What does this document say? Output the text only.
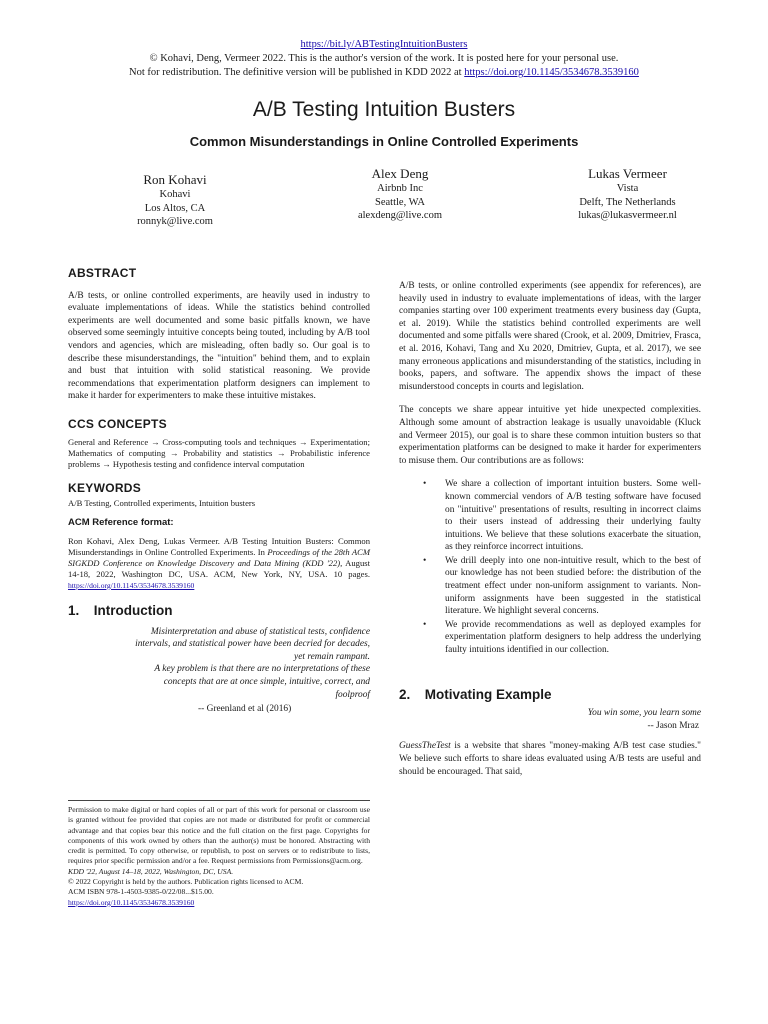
https://bit.ly/ABTestingIntuitionBusters
© Kohavi, Deng, Vermeer 2022. This is the author's version of the work. It is posted here for your personal use.
Not for redistribution. The definitive version will be published in KDD 2022 at https://doi.org/10.1145/3534678.3539160
A/B Testing Intuition Busters
Common Misunderstandings in Online Controlled Experiments
Ron Kohavi
Kohavi
Los Altos, CA
ronnyk@live.com
Alex Deng
Airbnb Inc
Seattle, WA
alexdeng@live.com
Lukas Vermeer
Vista
Delft, The Netherlands
lukas@lukasvermeer.nl
ABSTRACT

A/B tests, or online controlled experiments, are heavily used in industry to evaluate implementations of ideas. While the statistics behind controlled experiments are well documented and some basic pitfalls known, we have observed some seemingly intuitive concepts being touted, including by A/B tool vendors and agencies, which are misleading, often badly so. Our goal is to describe these misunderstandings, the "intuition" behind them, and to explain and bust that intuition with solid statistical reasoning. We provide recommendations that experimentation platform designers can implement to make it harder for experimenters to make these intuitive mistakes.

CCS CONCEPTS

General and Reference → Cross-computing tools and techniques → Experimentation; Mathematics of computing → Probability and statistics → Probabilistic inference problems → Hypothesis testing and confidence interval computation

KEYWORDS

A/B Testing, Controlled experiments, Intuition busters

ACM Reference format:

Ron Kohavi, Alex Deng, Lukas Vermeer. A/B Testing Intuition Busters: Common Misunderstandings in Online Controlled Experiments. In Proceedings of the 28th ACM SIGKDD Conference on Knowledge Discovery and Data Mining (KDD '22), August 14-18, 2022, Washington DC, USA. ACM, New York, NY, USA. 10 pages. https://doi.org/10.1145/3534678.3539160

1. Introduction

Misinterpretation and abuse of statistical tests, confidence intervals, and statistical power have been decried for decades, yet remain rampant.

A key problem is that there are no interpretations of these concepts that are at once simple, intuitive, correct, and foolproof

-- Greenland et al (2016)

Permission to make digital or hard copies of all or part of this work for personal or classroom use is granted without fee provided that copies are not made or distributed for profit or commercial advantage and that copies bear this notice and the full citation on the first page. Copyrights for components of this work owned by others than the author(s) must be honored. Abstracting with credit is permitted. To copy otherwise, or republish, to post on servers or to redistribute to lists, requires prior specific permission and/or a fee. Request permissions from Permissions@acm.org.

KDD '22, August 14–18, 2022, Washington, DC, USA.

© 2022 Copyright is held by the authors. Publication rights licensed to ACM.

ACM ISBN 978-1-4503-9385-0/22/08...$15.00.

https://doi.org/10.1145/3534678.3539160

A/B tests, or online controlled experiments (see appendix for references), are heavily used in industry to evaluate implementations of ideas, with the larger companies starting over 100 experiment treatments every business day (Gupta, et al. 2019). While the statistics behind controlled experiments are well documented and some pitfalls were shared (Crook, et al. 2009, Dmitriev, Frasca, et al. 2016, Kohavi, Tang and Xu 2020, Dmitriev, Gupta, et al. 2017), we see many erroneous applications and misunderstanding of the statistics, including in books, papers, and software. The appendix shows the impact of these misunderstood concepts in courts and legislation.

The concepts we share appear intuitive yet hide unexpected complexities. Although some amount of abstraction leakage is usually unavoidable (Kluck and Vermeer 2015), our goal is to share these common intuition busters so that experimentation platforms can be designed to make it harder for experimenters to misuse them. Our contributions are as follows:

• We share a collection of important intuition busters. Some well-known commercial vendors of A/B testing software have focused on "intuitive" presentations of results, resulting in incorrect claims to their users instead of addressing their underlying faulty intuitions. We believe that these solutions exacerbate the situation, as they reinforce incorrect intuitions.
• We drill deeply into one non-intuitive result, which to the best of our knowledge has not been studied before: the distribution of the treatment effect under non-uniform assignment to variants. Non-uniform assignments have been suggested in the statistical literature. We highlight several concerns.
• We provide recommendations as well as deployed examples for experimentation platform designers to help address the underlying faulty intuitions identified in our collection.
2. Motivating Example

You win some, you learn some

-- Jason Mraz

GuessTheTest is a website that shares "money-making A/B test case studies." We believe such efforts to share ideas evaluated using A/B tests are useful and should be encouraged. That said,
